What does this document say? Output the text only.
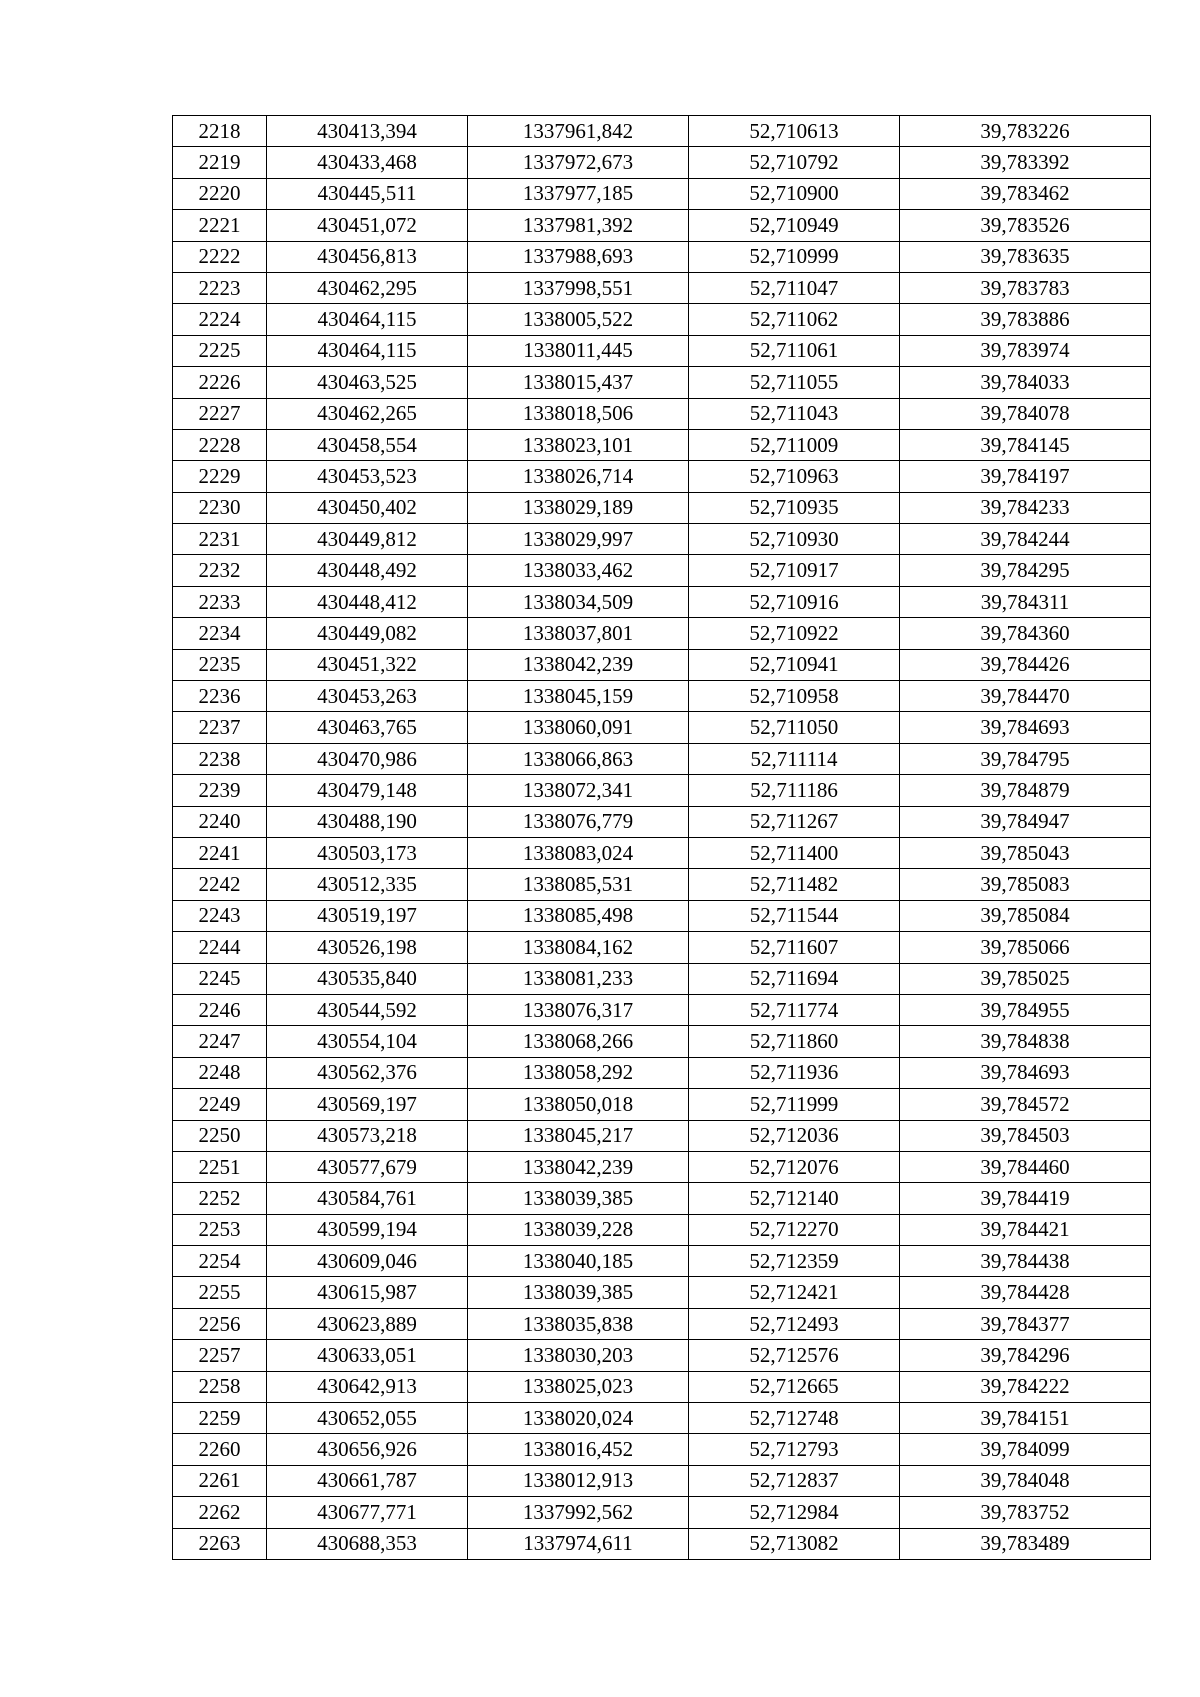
2218	430413,394	1337961,842	52,710613	39,783226
2219	430433,468	1337972,673	52,710792	39,783392
2220	430445,511	1337977,185	52,710900	39,783462
2221	430451,072	1337981,392	52,710949	39,783526
2222	430456,813	1337988,693	52,710999	39,783635
2223	430462,295	1337998,551	52,711047	39,783783
2224	430464,115	1338005,522	52,711062	39,783886
2225	430464,115	1338011,445	52,711061	39,783974
2226	430463,525	1338015,437	52,711055	39,784033
2227	430462,265	1338018,506	52,711043	39,784078
2228	430458,554	1338023,101	52,711009	39,784145
2229	430453,523	1338026,714	52,710963	39,784197
2230	430450,402	1338029,189	52,710935	39,784233
2231	430449,812	1338029,997	52,710930	39,784244
2232	430448,492	1338033,462	52,710917	39,784295
2233	430448,412	1338034,509	52,710916	39,784311
2234	430449,082	1338037,801	52,710922	39,784360
2235	430451,322	1338042,239	52,710941	39,784426
2236	430453,263	1338045,159	52,710958	39,784470
2237	430463,765	1338060,091	52,711050	39,784693
2238	430470,986	1338066,863	52,711114	39,784795
2239	430479,148	1338072,341	52,711186	39,784879
2240	430488,190	1338076,779	52,711267	39,784947
2241	430503,173	1338083,024	52,711400	39,785043
2242	430512,335	1338085,531	52,711482	39,785083
2243	430519,197	1338085,498	52,711544	39,785084
2244	430526,198	1338084,162	52,711607	39,785066
2245	430535,840	1338081,233	52,711694	39,785025
2246	430544,592	1338076,317	52,711774	39,784955
2247	430554,104	1338068,266	52,711860	39,784838
2248	430562,376	1338058,292	52,711936	39,784693
2249	430569,197	1338050,018	52,711999	39,784572
2250	430573,218	1338045,217	52,712036	39,784503
2251	430577,679	1338042,239	52,712076	39,784460
2252	430584,761	1338039,385	52,712140	39,784419
2253	430599,194	1338039,228	52,712270	39,784421
2254	430609,046	1338040,185	52,712359	39,784438
2255	430615,987	1338039,385	52,712421	39,784428
2256	430623,889	1338035,838	52,712493	39,784377
2257	430633,051	1338030,203	52,712576	39,784296
2258	430642,913	1338025,023	52,712665	39,784222
2259	430652,055	1338020,024	52,712748	39,784151
2260	430656,926	1338016,452	52,712793	39,784099
2261	430661,787	1338012,913	52,712837	39,784048
2262	430677,771	1337992,562	52,712984	39,783752
2263	430688,353	1337974,611	52,713082	39,783489
